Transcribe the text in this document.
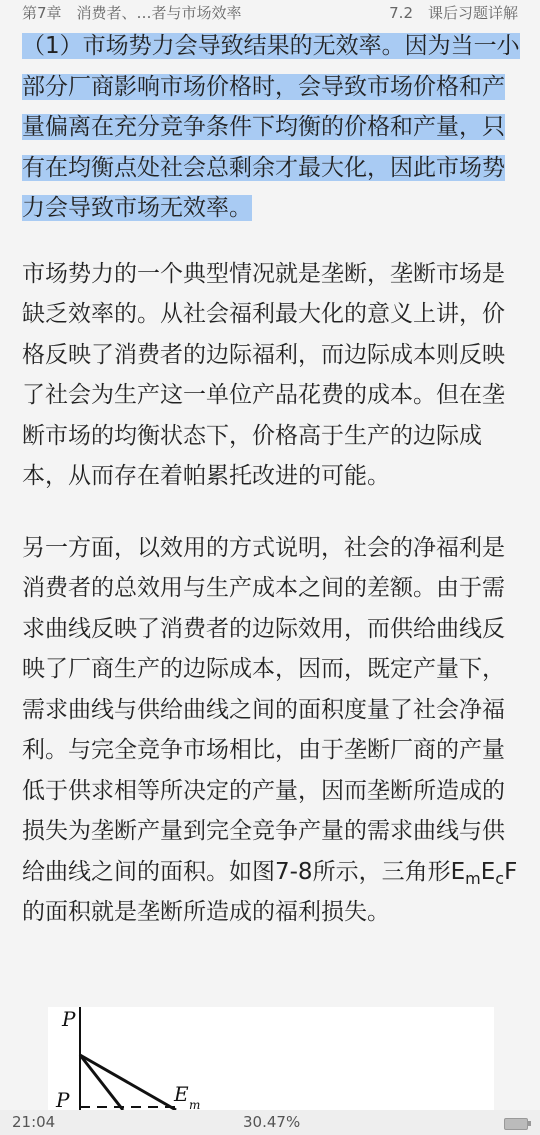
第7章　消费者、…者与市场效率	7.2　课后习题详解

（1）市场势力会导致结果的无效率。因为当一小部分厂商影响市场价格时，会导致市场价格和产量偏离在充分竞争条件下均衡的价格和产量，只有在均衡点处社会总剩余才最大化，因此市场势力会导致市场无效率。

市场势力的一个典型情况就是垄断，垄断市场是缺乏效率的。从社会福利最大化的意义上讲，价格反映了消费者的边际福利，而边际成本则反映了社会为生产这一单位产品花费的成本。但在垄断市场的均衡状态下，价格高于生产的边际成本，从而存在着帕累托改进的可能。

另一方面，以效用的方式说明，社会的净福利是消费者的总效用与生产成本之间的差额。由于需求曲线反映了消费者的边际效用，而供给曲线反映了厂商生产的边际成本，因而，既定产量下，需求曲线与供给曲线之间的面积度量了社会净福利。与完全竞争市场相比，由于垄断厂商的产量低于供求相等所决定的产量，因而垄断所造成的损失为垄断产量到完全竞争产量的需求曲线与供给曲线之间的面积。如图7-8所示，三角形$E_mE_cF$的面积就是垄断所造成的福利损失。

P
P	E m
21:04	30.47%
